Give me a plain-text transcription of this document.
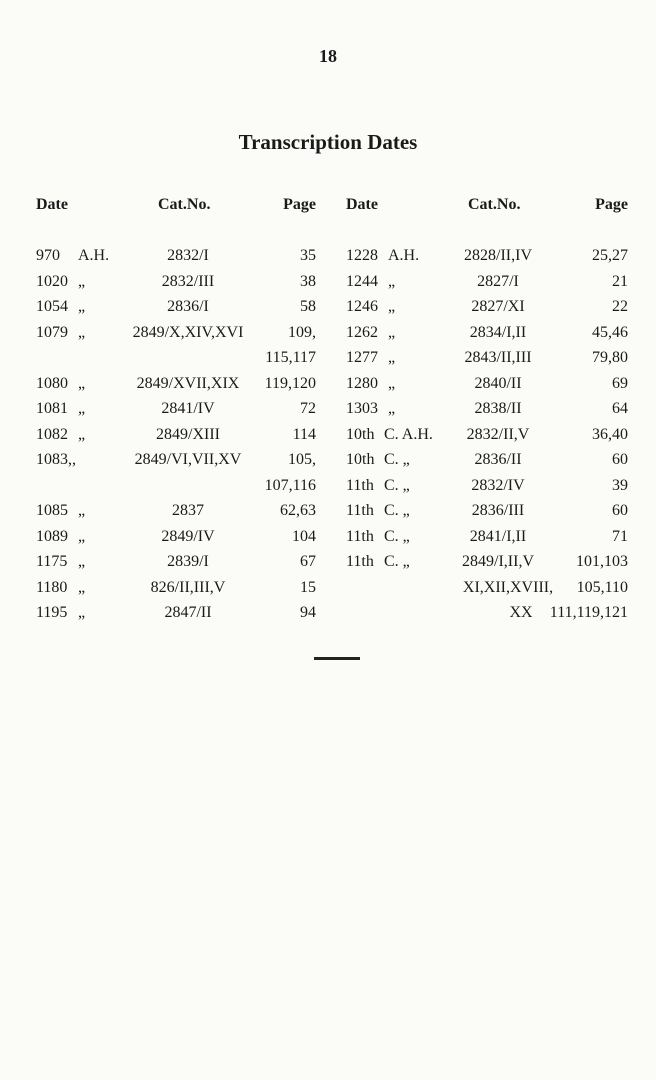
18
Transcription Dates
Date	Cat.No.	Page
970 A.H.	2832/I	35
1020 „	2832/III	38
1054 „	2836/I	58
1079 „	2849/X,XIV,XVI	109,
115,117
1080 „	2849/XVII,XIX 119,120
1081 „	2841/IV	72
1082 „	2849/XIII	114
1083,,	2849/VI,VII,XV	105,
107,116
1085 „	2837	62,63
1089 „	2849/IV	104
1175 „	2839/I	67
1180 „	826/II,III,V	15
1195 „	2847/II	94
Date	Cat.No.	Page
1228 A.H.	2828/II,IV	25,27
1244 „	2827/I	21
1246 „	2827/XI	22
1262 „	2834/I,II	45,46
1277 „	2843/II,III	79,80
1280 „	2840/II	69
1303 „	2838/II	64
10th C. A.H. 2832/II,V	36,40
10th C. „	2836/II	60
11th C. „	2832/IV	39
11th C. „	2836/III	60
11th C. „	2841/I,II	71
11th C. „	2849/I,II,V	101,103
XI,XII,XVIII, 105,110
XX 111,119,121
